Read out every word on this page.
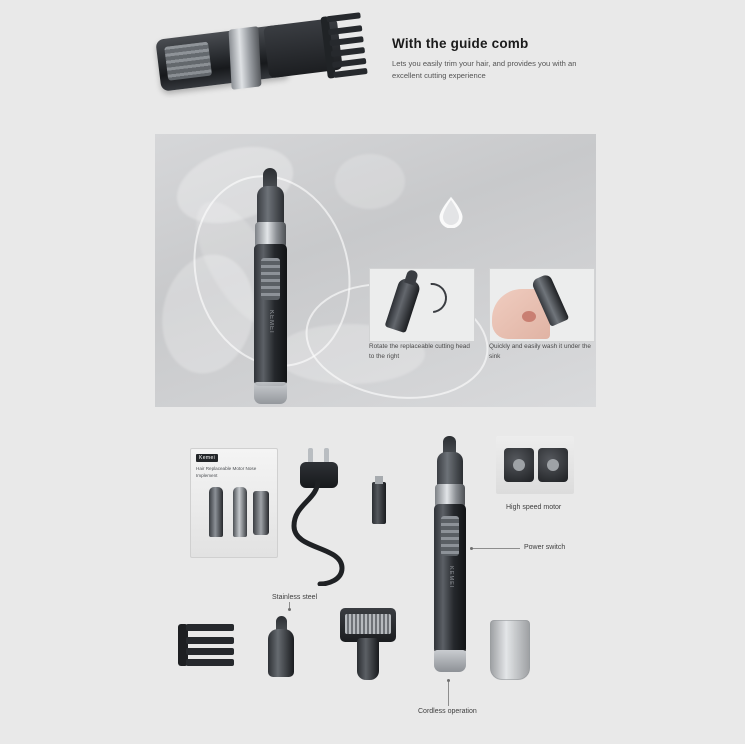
With the guide comb

Lets you easily trim your hair, and provides you with an excellent cutting experience

KEMEI
Rotate the replaceable cutting head to the right
Quickly and easily wash it under the sink
Kemei
Hair Replaceable Motor Nose Implement
KEMEI
High speed motor
Power switch
Cordless operation
Stainless steel
